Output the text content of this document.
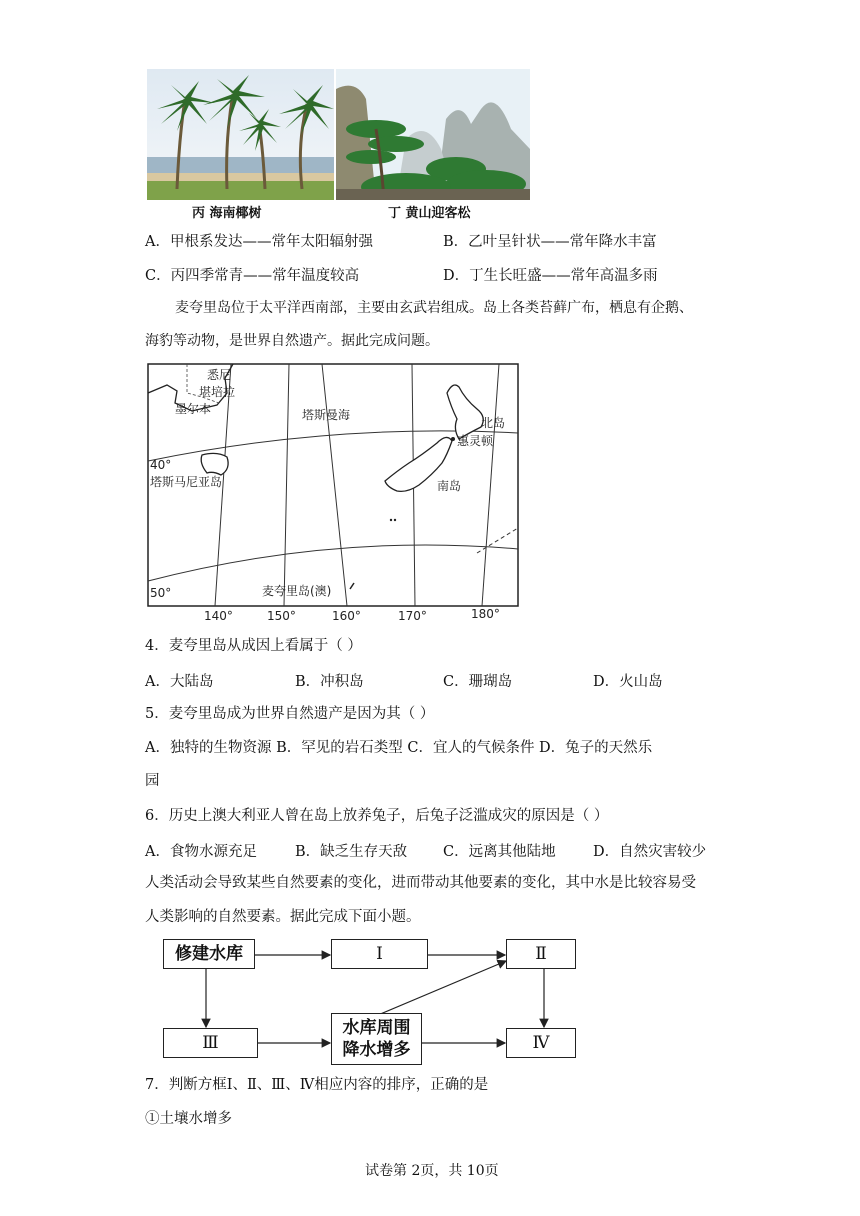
丙 海南椰树	丁 黄山迎客松
A．甲根系发达——常年太阳辐射强	B．乙叶呈针状——常年降水丰富
C．丙四季常青——常年温度较高	D．丁生长旺盛——常年高温多雨
麦夸里岛位于太平洋西南部，主要由玄武岩组成。岛上各类苔藓广布，栖息有企鹅、
海豹等动物，是世界自然遗产。据此完成问题。
悉尼
堪培拉
墨尔本	塔斯曼海
北岛
惠灵顿
40°
塔斯马尼亚岛	南岛
50°	麦夸里岛(澳)
140°	150°	160°	170°	180°
4．麦夸里岛从成因上看属于（ ）
A．大陆岛	B．冲积岛	C．珊瑚岛	D．火山岛
5．麦夸里岛成为世界自然遗产是因为其（ ）
A．独特的生物资源 B．罕见的岩石类型 C．宜人的气候条件 D．兔子的天然乐
园
6．历史上澳大利亚人曾在岛上放养兔子，后兔子泛滥成灾的原因是（ ）
A．食物水源充足	B．缺乏生存天敌 C．远离其他陆地	D．自然灾害较少
人类活动会导致某些自然要素的变化，进而带动其他要素的变化，其中水是比较容易受
人类影响的自然要素。据此完成下面小题。
修建水库	Ⅰ	Ⅱ
Ⅲ
水库周围
降水增多	Ⅳ
7．判断方框Ⅰ、Ⅱ、Ⅲ、Ⅳ相应内容的排序，正确的是
①土壤水增多
试卷第 2页，共 10页
